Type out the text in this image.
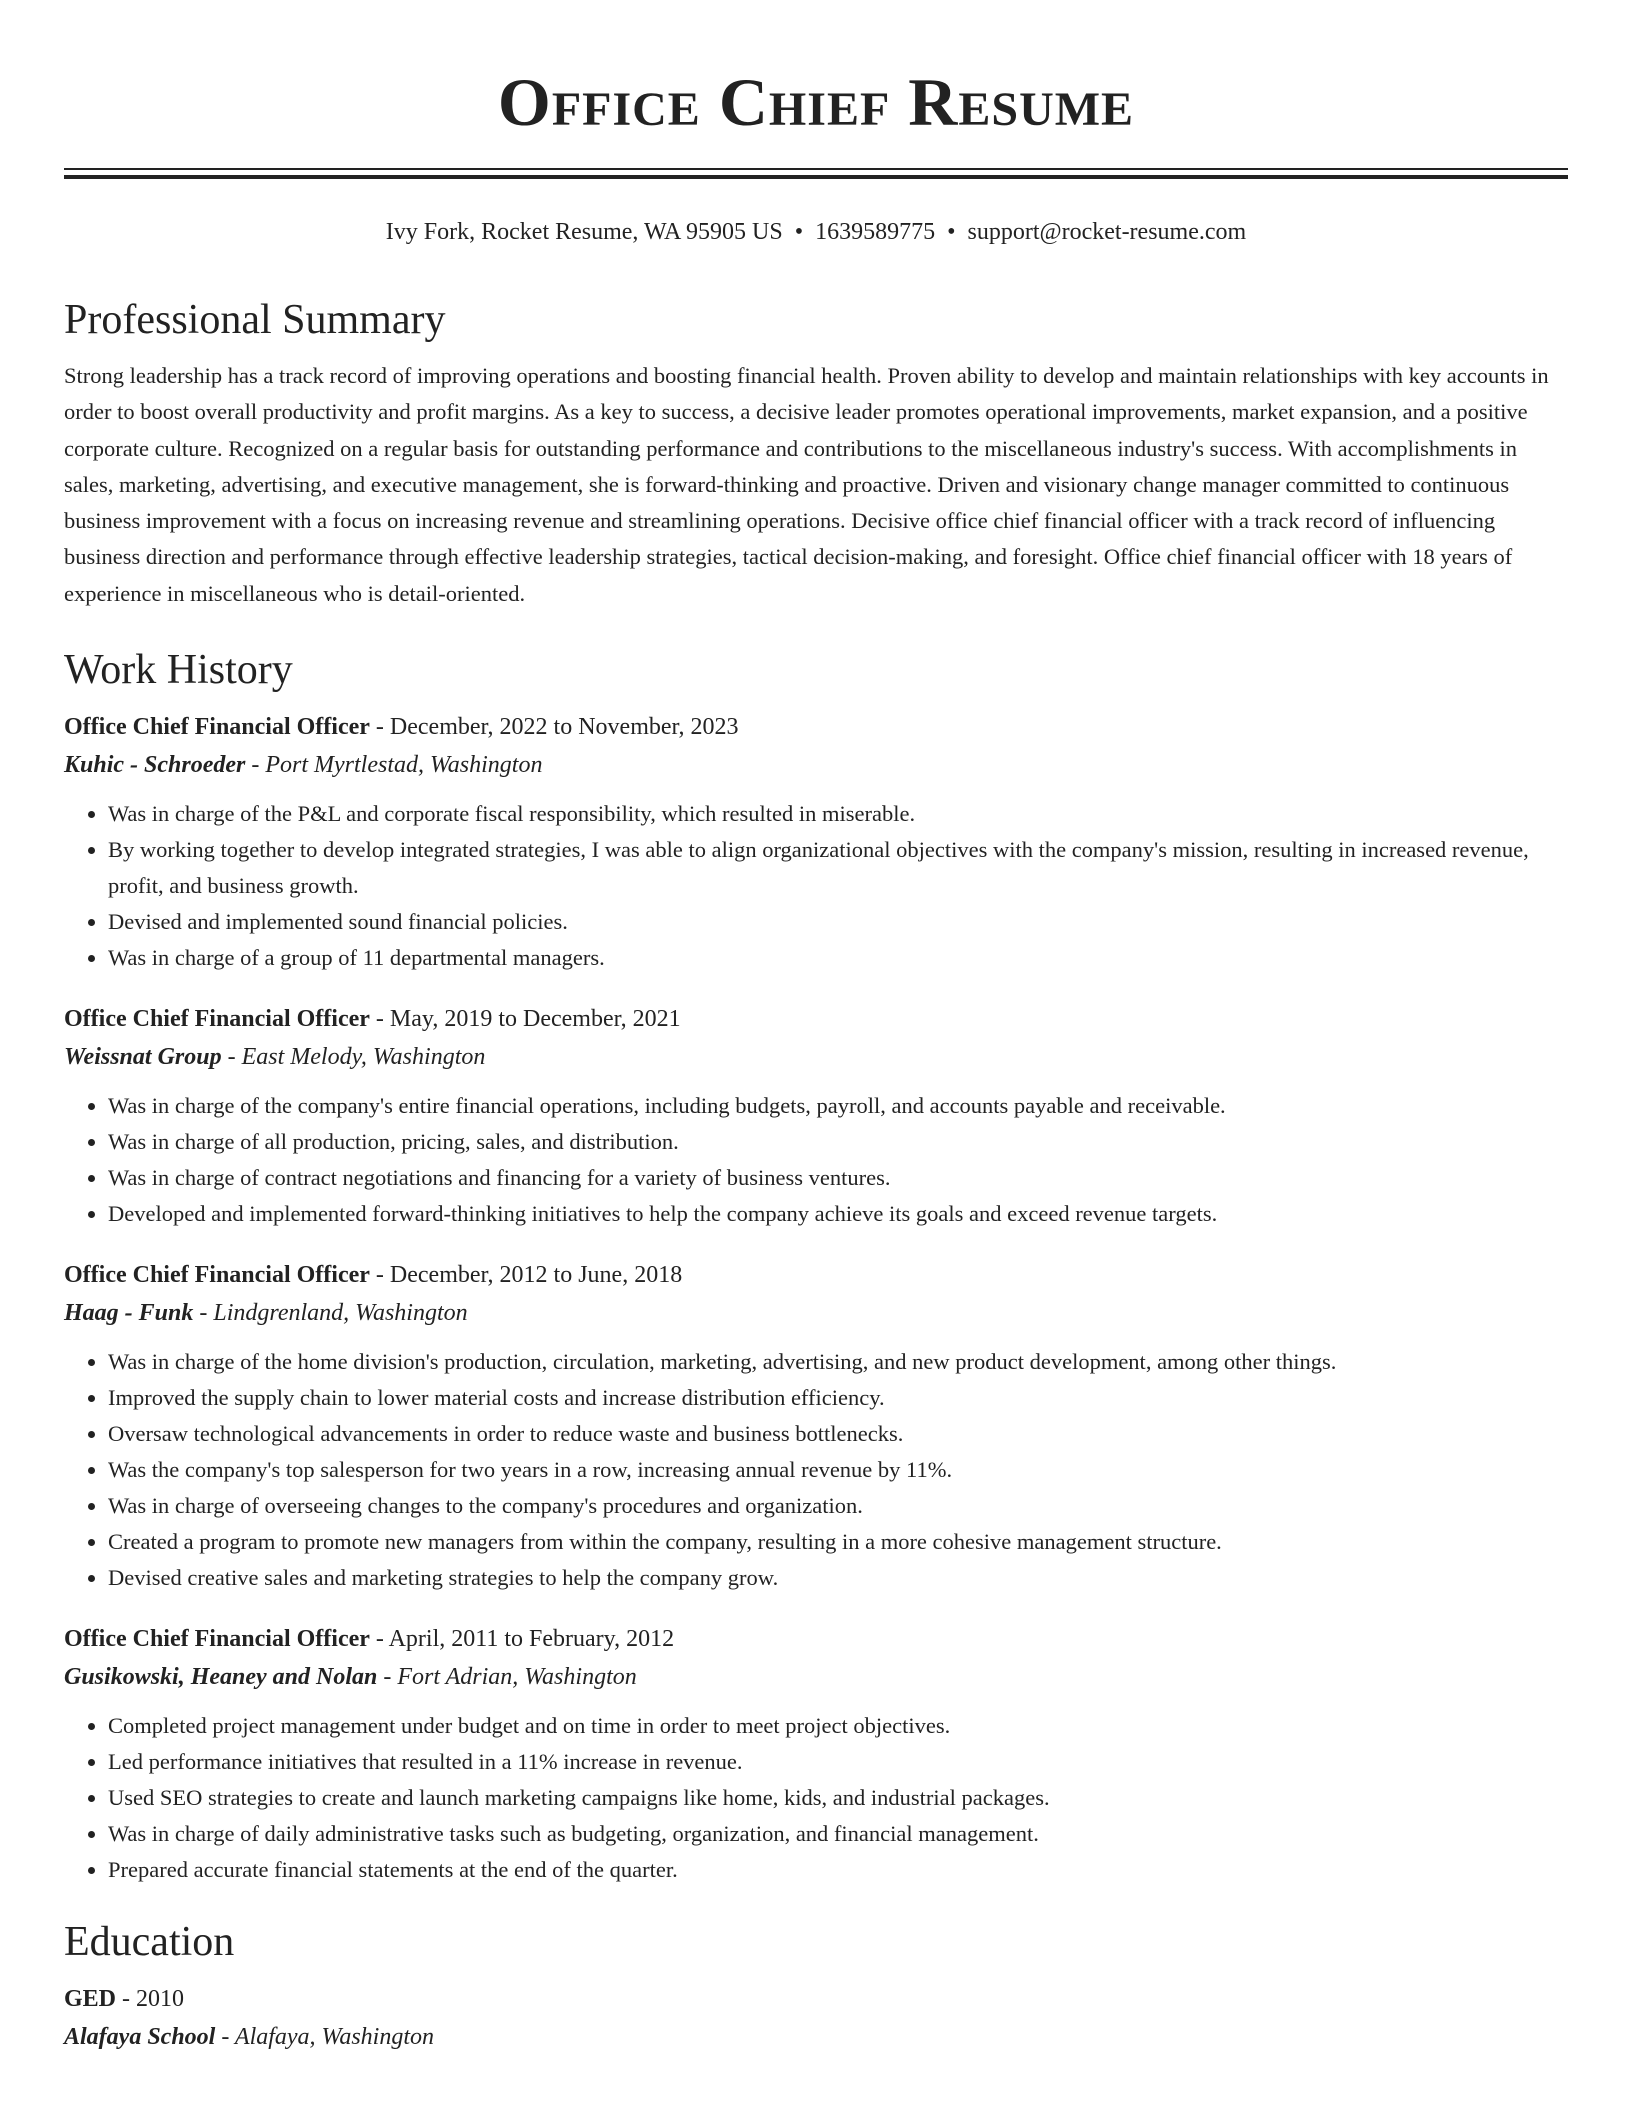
Office Chief Resume
Ivy Fork, Rocket Resume, WA 95905 US • 1639589775 • support@rocket-resume.com
Professional Summary

Strong leadership has a track record of improving operations and boosting financial health. Proven ability to develop and maintain relationships with key accounts in order to boost overall productivity and profit margins. As a key to success, a decisive leader promotes operational improvements, market expansion, and a positive corporate culture. Recognized on a regular basis for outstanding performance and contributions to the miscellaneous industry's success. With accomplishments in sales, marketing, advertising, and executive management, she is forward-thinking and proactive. Driven and visionary change manager committed to continuous business improvement with a focus on increasing revenue and streamlining operations. Decisive office chief financial officer with a track record of influencing business direction and performance through effective leadership strategies, tactical decision-making, and foresight. Office chief financial officer with 18 years of experience in miscellaneous who is detail-oriented.

Work History
Office Chief Financial Officer - December, 2022 to November, 2023
Kuhic - Schroeder - Port Myrtlestad, Washington
• Was in charge of the P&L and corporate fiscal responsibility, which resulted in miserable.
• By working together to develop integrated strategies, I was able to align organizational objectives with the company's mission, resulting in increased revenue, profit, and business growth.
• Devised and implemented sound financial policies.
• Was in charge of a group of 11 departmental managers.
Office Chief Financial Officer - May, 2019 to December, 2021
Weissnat Group - East Melody, Washington
• Was in charge of the company's entire financial operations, including budgets, payroll, and accounts payable and receivable.
• Was in charge of all production, pricing, sales, and distribution.
• Was in charge of contract negotiations and financing for a variety of business ventures.
• Developed and implemented forward-thinking initiatives to help the company achieve its goals and exceed revenue targets.
Office Chief Financial Officer - December, 2012 to June, 2018
Haag - Funk - Lindgrenland, Washington
• Was in charge of the home division's production, circulation, marketing, advertising, and new product development, among other things.
• Improved the supply chain to lower material costs and increase distribution efficiency.
• Oversaw technological advancements in order to reduce waste and business bottlenecks.
• Was the company's top salesperson for two years in a row, increasing annual revenue by 11%.
• Was in charge of overseeing changes to the company's procedures and organization.
• Created a program to promote new managers from within the company, resulting in a more cohesive management structure.
• Devised creative sales and marketing strategies to help the company grow.
Office Chief Financial Officer - April, 2011 to February, 2012
Gusikowski, Heaney and Nolan - Fort Adrian, Washington
• Completed project management under budget and on time in order to meet project objectives.
• Led performance initiatives that resulted in a 11% increase in revenue.
• Used SEO strategies to create and launch marketing campaigns like home, kids, and industrial packages.
• Was in charge of daily administrative tasks such as budgeting, organization, and financial management.
• Prepared accurate financial statements at the end of the quarter.
Education
GED - 2010
Alafaya School - Alafaya, Washington
